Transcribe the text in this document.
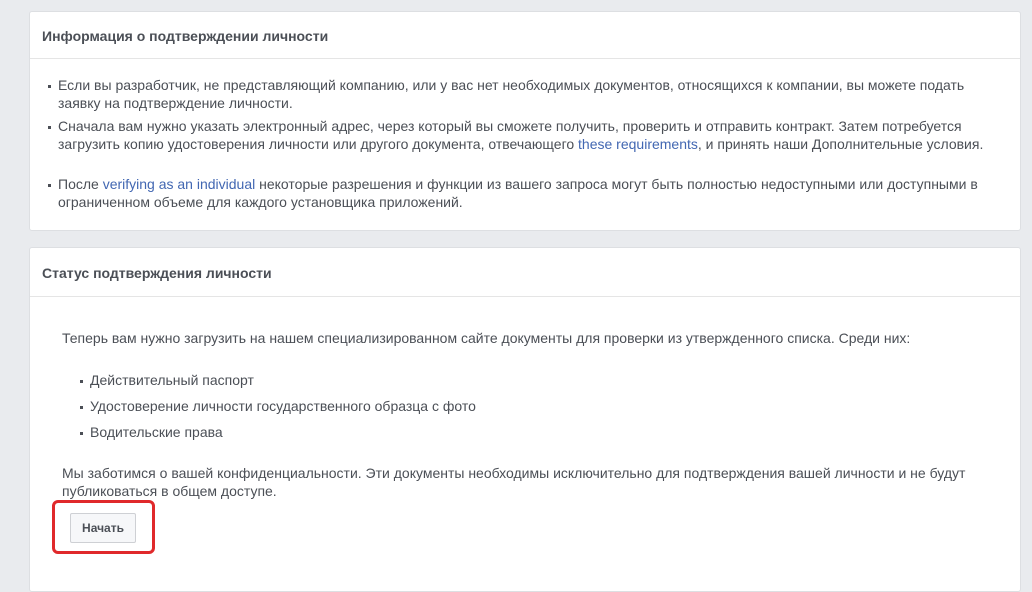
Информация о подтверждении личности
Если вы разработчик, не представляющий компанию, или у вас нет необходимых документов, относящихся к компании, вы можете подать заявку на подтверждение личности.
Сначала вам нужно указать электронный адрес, через который вы сможете получить, проверить и отправить контракт. Затем потребуется загрузить копию удостоверения личности или другого документа, отвечающего these requirements, и принять наши Дополнительные условия.
После verifying as an individual некоторые разрешения и функции из вашего запроса могут быть полностью недоступными или доступными в ограниченном объеме для каждого установщика приложений.
Статус подтверждения личности
Теперь вам нужно загрузить на нашем специализированном сайте документы для проверки из утвержденного списка. Среди них:
Действительный паспорт
Удостоверение личности государственного образца с фото
Водительские права
Мы заботимся о вашей конфиденциальности. Эти документы необходимы исключительно для подтверждения вашей личности и не будут публиковаться в общем доступе.
Начать
